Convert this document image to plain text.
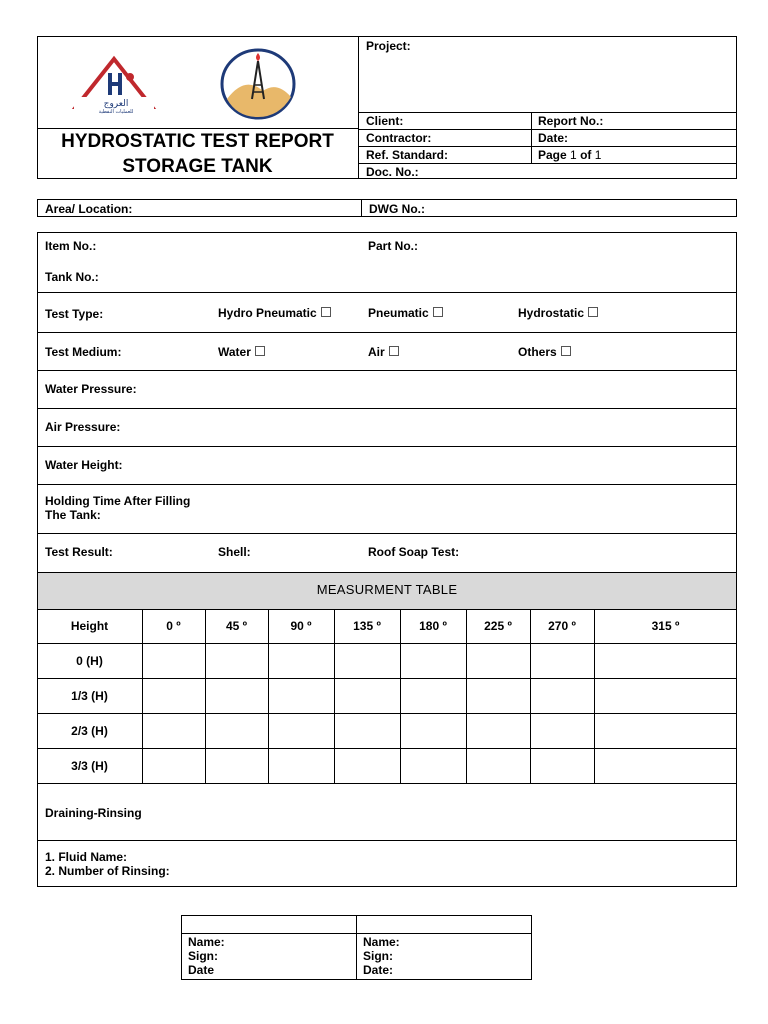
العروج
للعمليات النفطية
HYDROSTATIC TEST REPORT
STORAGE TANK
Project:
Client:	Report No.:
Contractor:	Date:
Ref. Standard:	Page 1 of 1
Doc. No.:
Area/ Location:	DWG No.:
Item No.:	Part No.:
Tank No.:
Test Type:	Hydro Pneumatic	Pneumatic	Hydrostatic
Test Medium:	Water	Air	Others
Water Pressure:
Air Pressure:
Water Height:
Holding Time After Filling
The Tank:
Test Result:	Shell:	Roof Soap Test:
MEASURMENT TABLE
Height	0 º	45 º	90 º	135 º	180 º	225 º	270 º	315 º
0 (H)
1/3 (H)
2/3 (H)
3/3 (H)
Draining-Rinsing
1. Fluid Name:
2. Number of Rinsing:
Name:
Sign:
Date
Name:
Sign:
Date:
